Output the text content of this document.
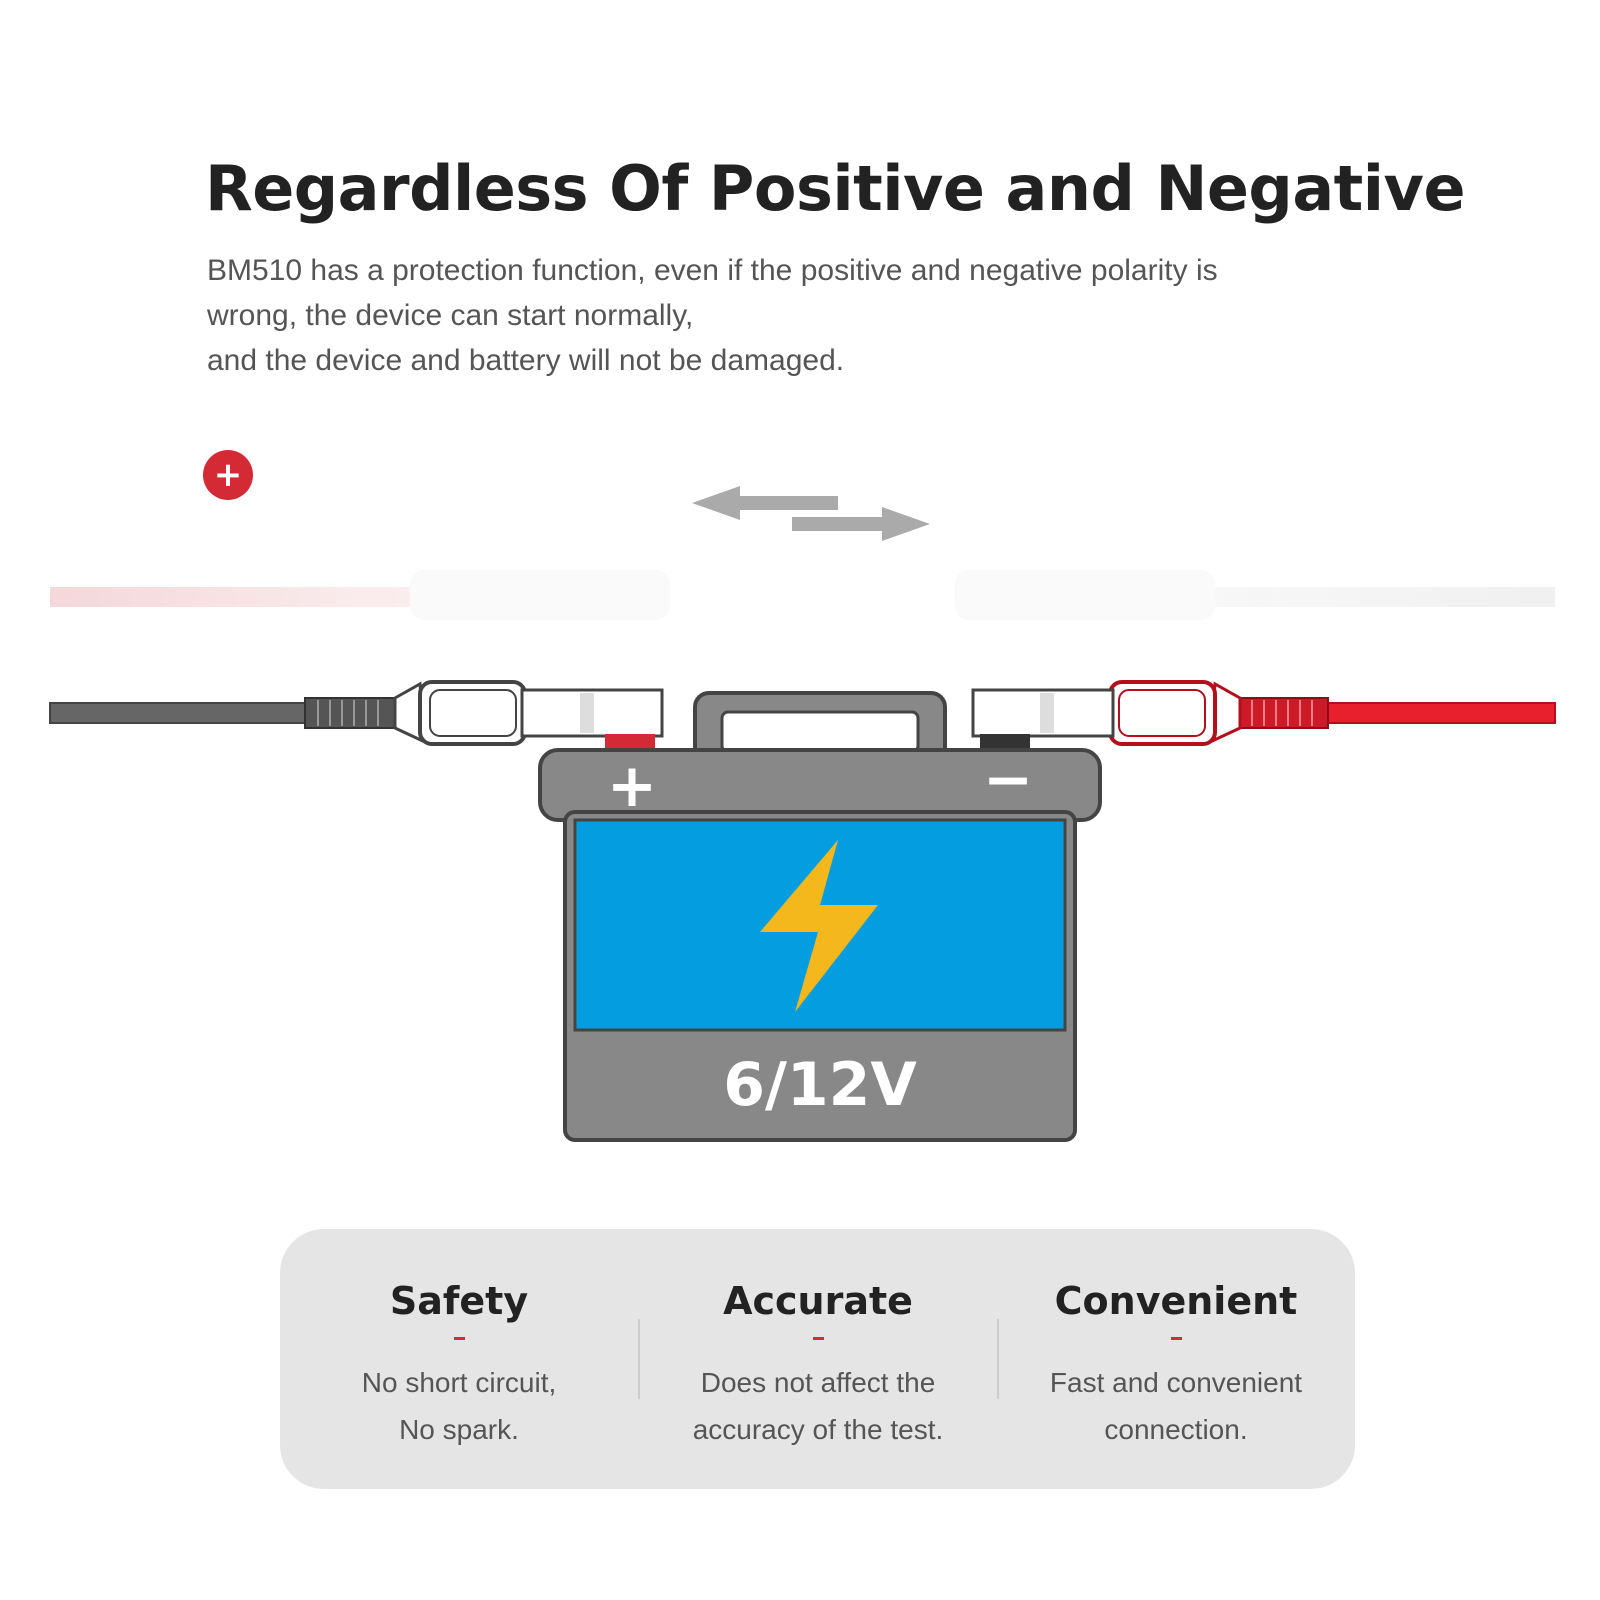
Regardless Of Positive and Negative
BM510 has a protection function, even if the positive and negative polarity is
wrong, the device can start normally,
and the device and battery will not be damaged.
+
+	−
6/12V
Safety
No short circuit,
No spark.
Accurate
Does not affect the
accuracy of the test.
Convenient
Fast and convenient
connection.
